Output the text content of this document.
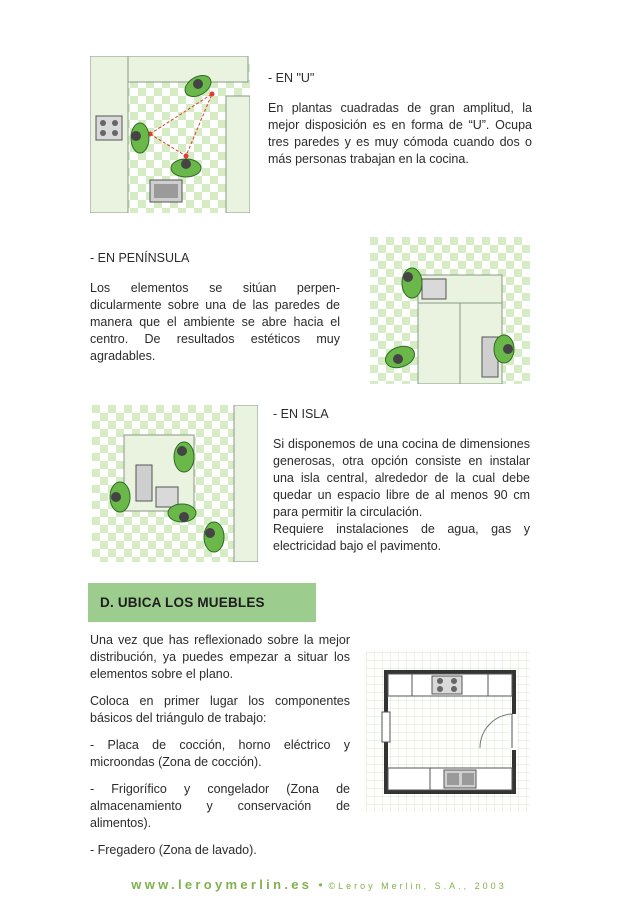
- EN "U"
En plantas cuadradas de gran amplitud, la mejor disposición es en forma de “U”. Ocupa tres paredes y es muy cómoda cuando dos o más personas trabajan en la cocina.
- EN PENÍNSULA
Los elementos se sitúan perpen- dicularmente sobre una de las paredes de manera que el ambiente se abre hacia el centro. De resultados estéticos muy agradables.
- EN ISLA
Si disponemos de una cocina de dimensiones generosas, otra opción consiste en instalar una isla central, alrededor de la cual debe quedar un espacio libre de al menos 90 cm para permitir la circulación.
Requiere instalaciones de agua, gas y electricidad bajo el pavimento.
D. UBICA LOS MUEBLES

Una vez que has reflexionado sobre la mejor distribución, ya puedes empezar a situar los elementos sobre el plano.

Coloca en primer lugar los componentes básicos del triángulo de trabajo:

- Placa de cocción, horno eléctrico y microondas (Zona de cocción).

- Frigorífico y congelador (Zona de almacenamiento y conservación de alimentos).

- Fregadero (Zona de lavado).

www.leroymerlin.es • ©Leroy Merlin, S.A., 2003
